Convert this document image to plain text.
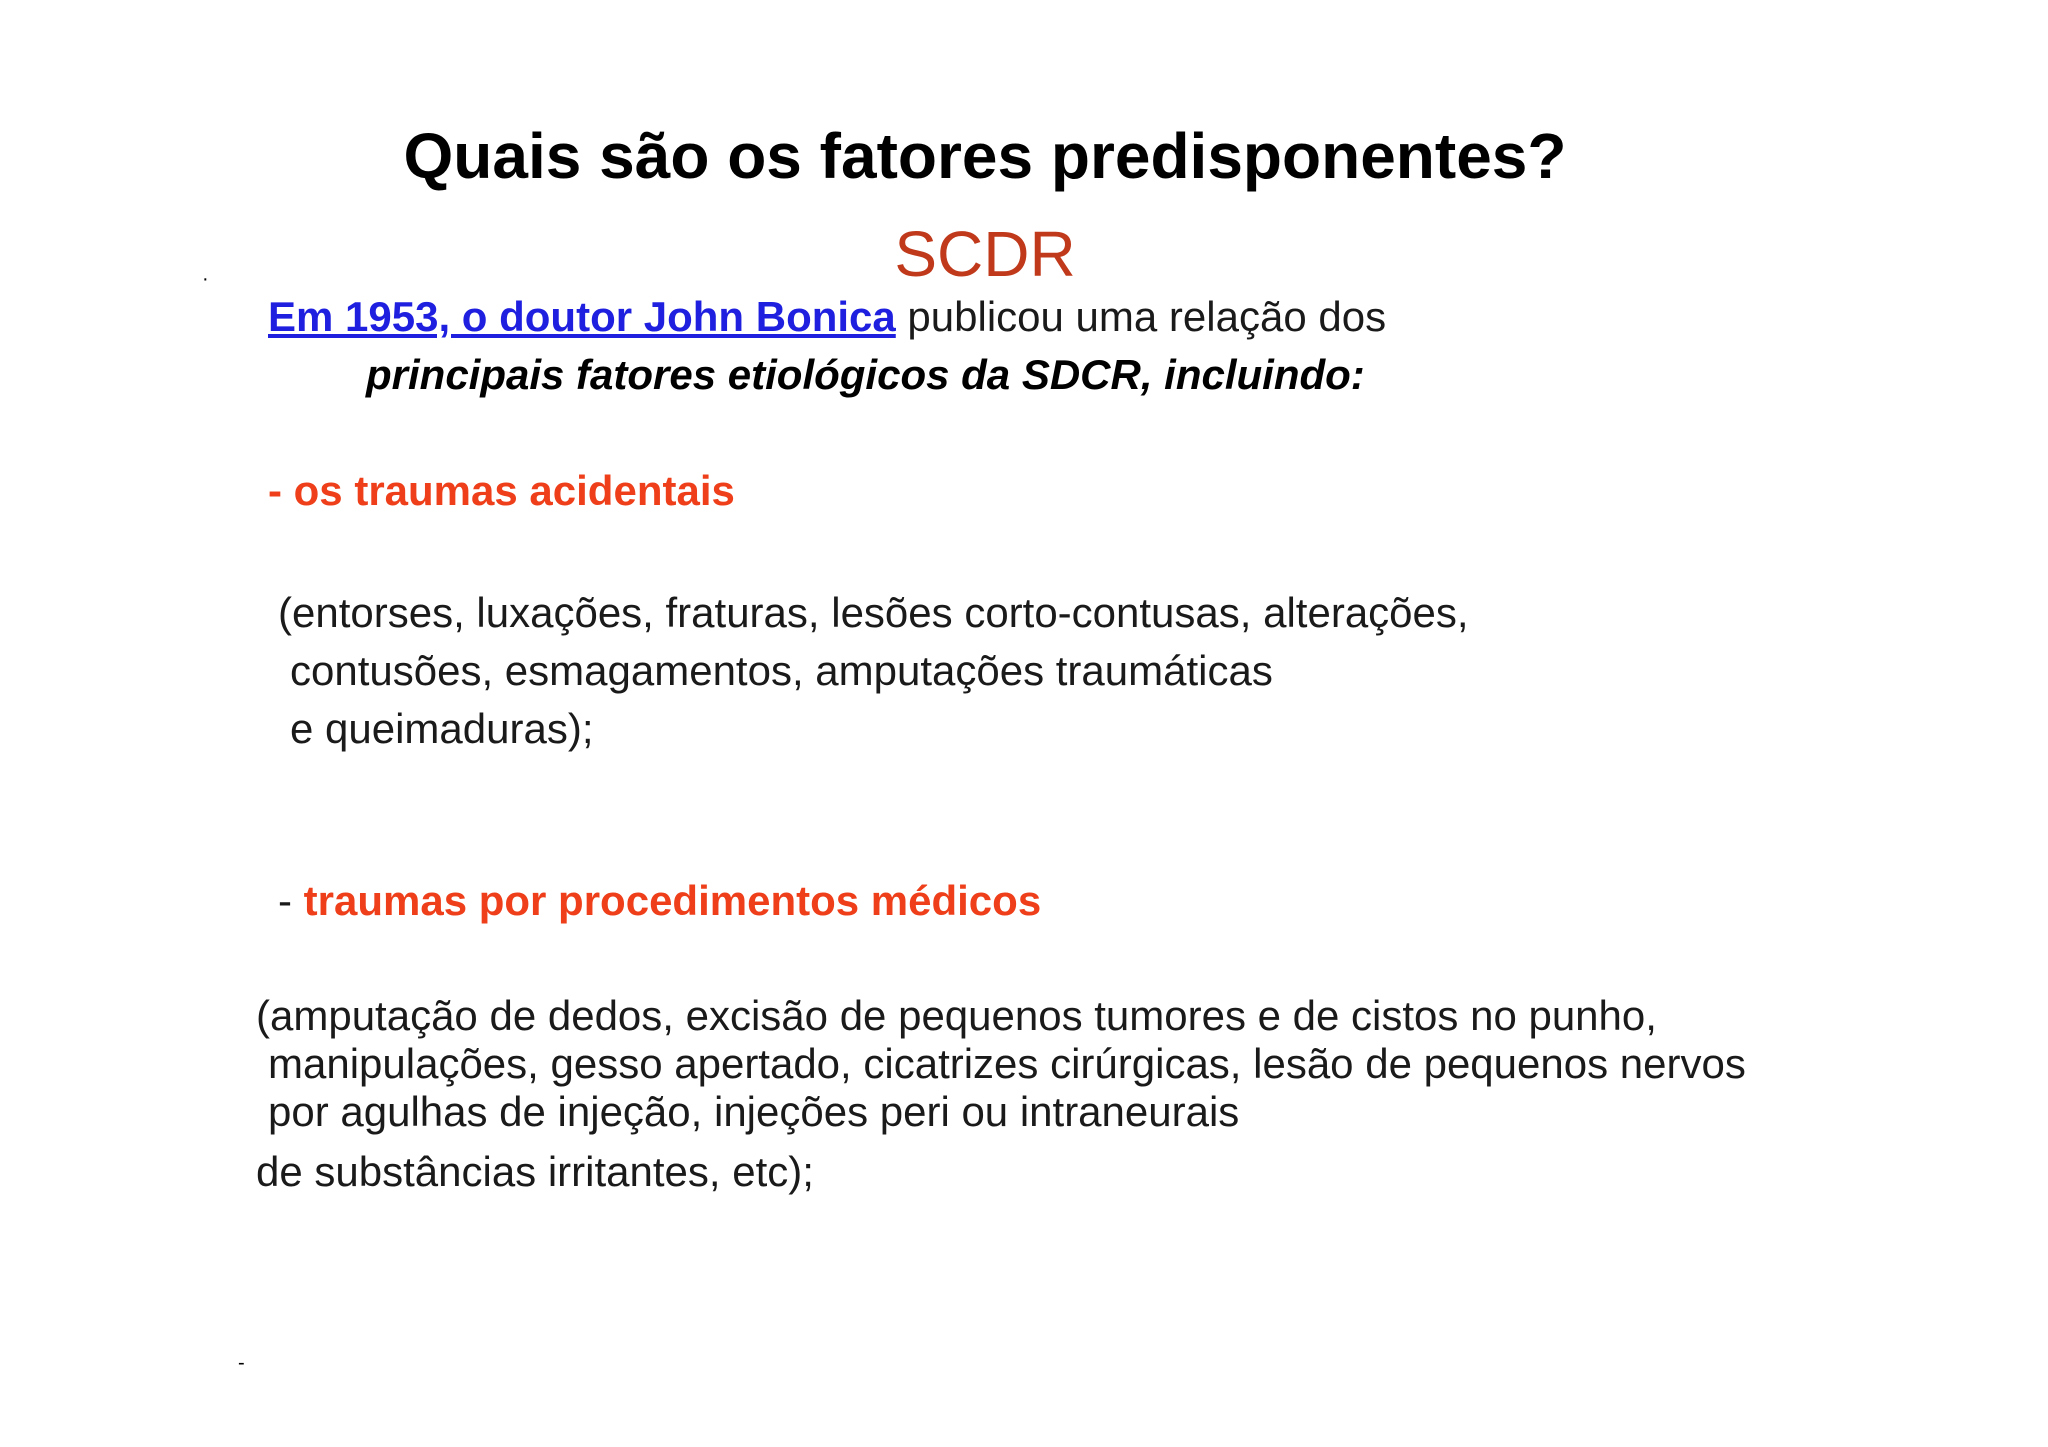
Quais são os fatores predisponentes?
SCDR
·
Em 1953, o doutor John Bonica publicou uma relação dos
principais fatores etiológicos da SDCR, incluindo:
- os traumas acidentais
(entorses, luxações, fraturas, lesões corto-contusas, alterações,
contusões, esmagamentos, amputações traumáticas
e queimaduras);
- traumas por procedimentos médicos
(amputação de dedos, excisão de pequenos tumores e de cistos no punho,
manipulações, gesso apertado, cicatrizes cirúrgicas, lesão de pequenos nervos
por agulhas de injeção, injeções peri ou intraneurais
de substâncias irritantes, etc);
-
